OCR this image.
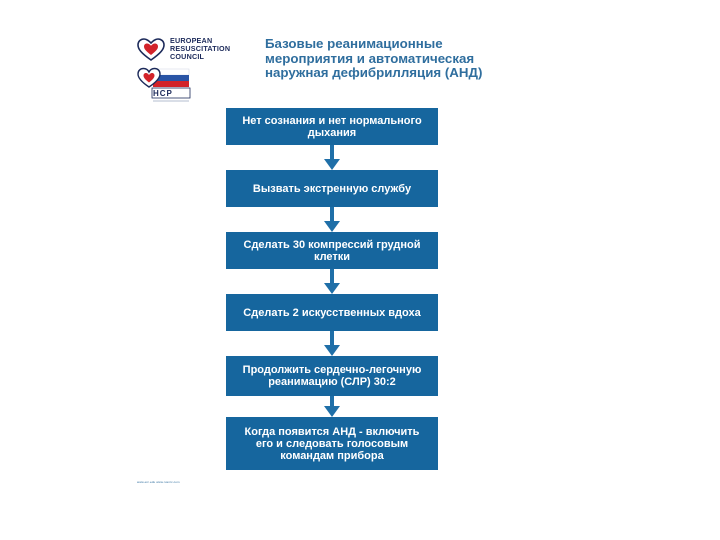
EUROPEAN
RESUSCITATION
COUNCIL
НСР
Базовые реанимационные мероприятия и автоматическая наружная дефибрилляция (АНД)
Нет сознания и нет нормального дыхания
Вызвать экстренную службу
Сделать 30 компрессий грудной клетки
Сделать 2 искусственных вдоха
Продолжить сердечно-легочную реанимацию (СЛР) 30:2
Когда появится АНД - включить его и следовать голосовым командам прибора
www.erc.edu www.rusnrc.com
